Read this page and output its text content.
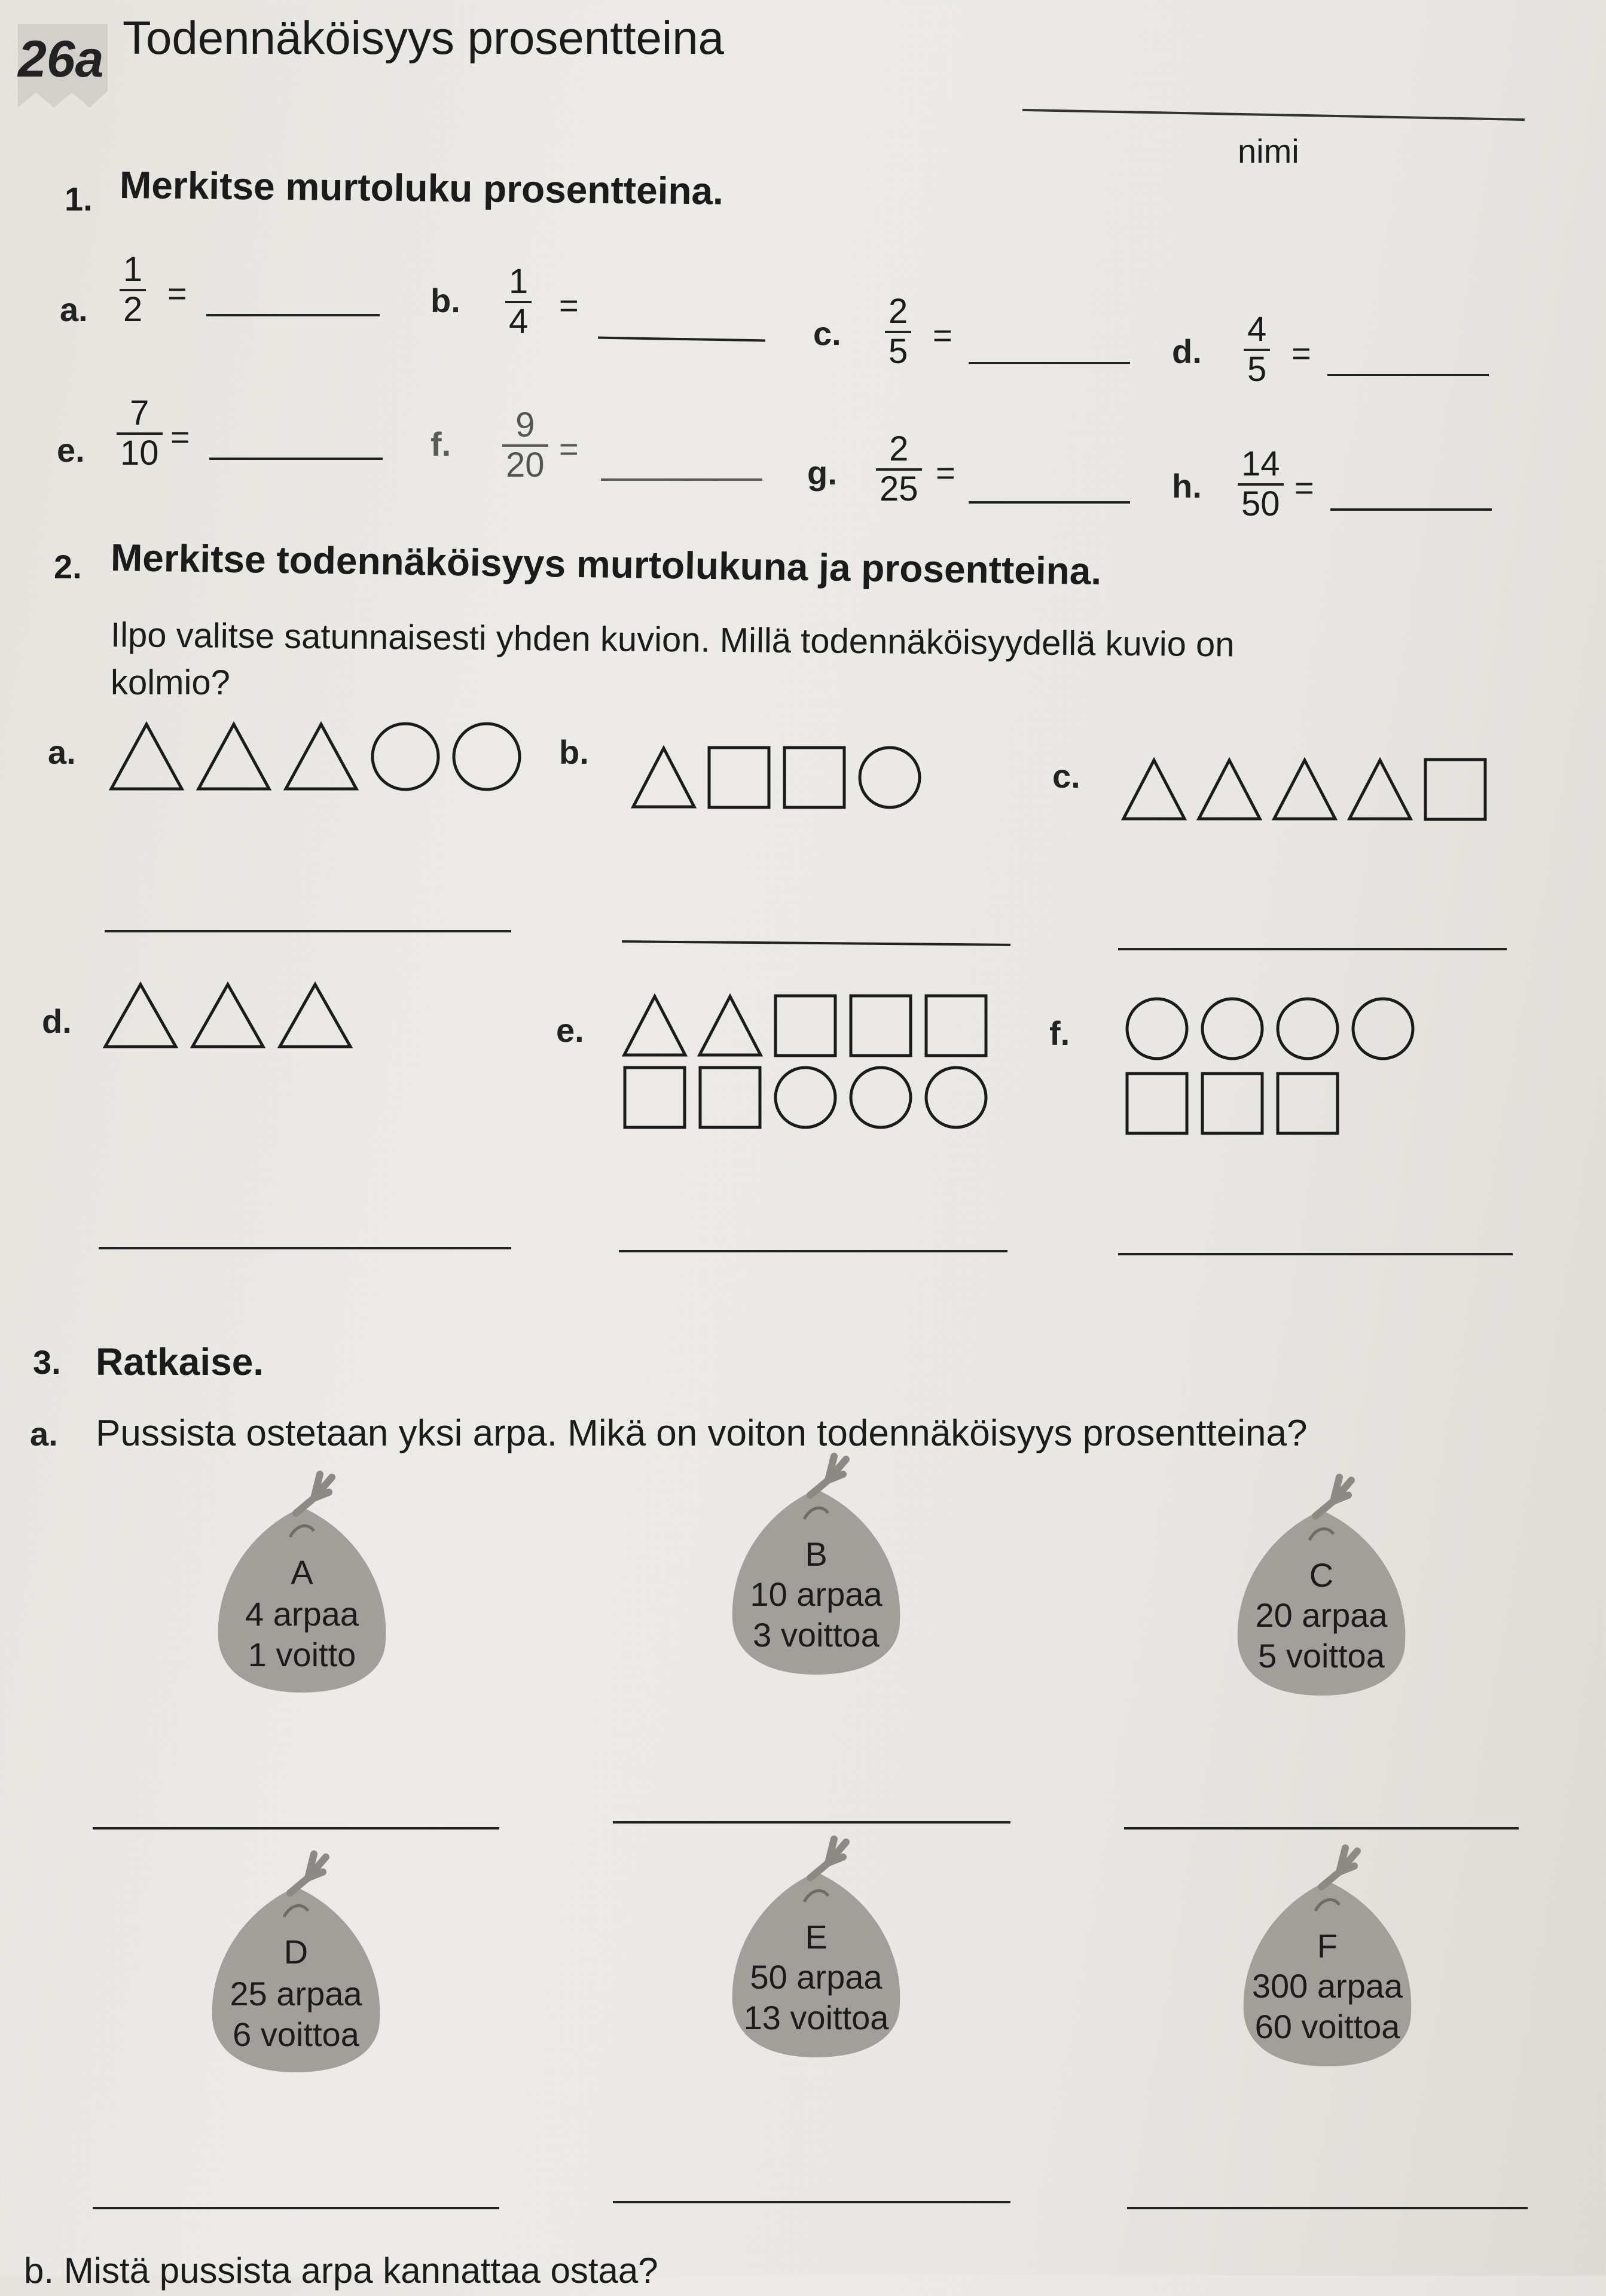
26a Todennäköisyys prosentteina
nimi
1. Merkitse murtoluku prosentteina.
a. $\frac{1}{2}$ =	b. $\frac{1}{4}$ =
c. $\frac{2}{5}$ =	d. $\frac{4}{5}$ =
e. $\frac{7}{10}$ =	f. $\frac{9}{20}$ =
g. $\frac{2}{25}$ =	h. $\frac{14}{50}$ =
2. Merkitse todennäköisyys murtolukuna ja prosentteina.
Ilpo valitse satunnaisesti yhden kuvion. Millä todennäköisyydellä kuvio on
kolmio?
a.	b.
c.
d.	e.	f.
3. Ratkaise.
a. Pussista ostetaan yksi arpa. Mikä on voiton todennäköisyys prosentteina?
A
4 arpaa
1 voitto
B
10 arpaa
3 voittoa
C
20 arpaa
5 voittoa
D
25 arpaa
6 voittoa
E
50 arpaa
13 voittoa
F
300 arpaa
60 voittoa
b. Mistä pussista arpa kannattaa ostaa?
